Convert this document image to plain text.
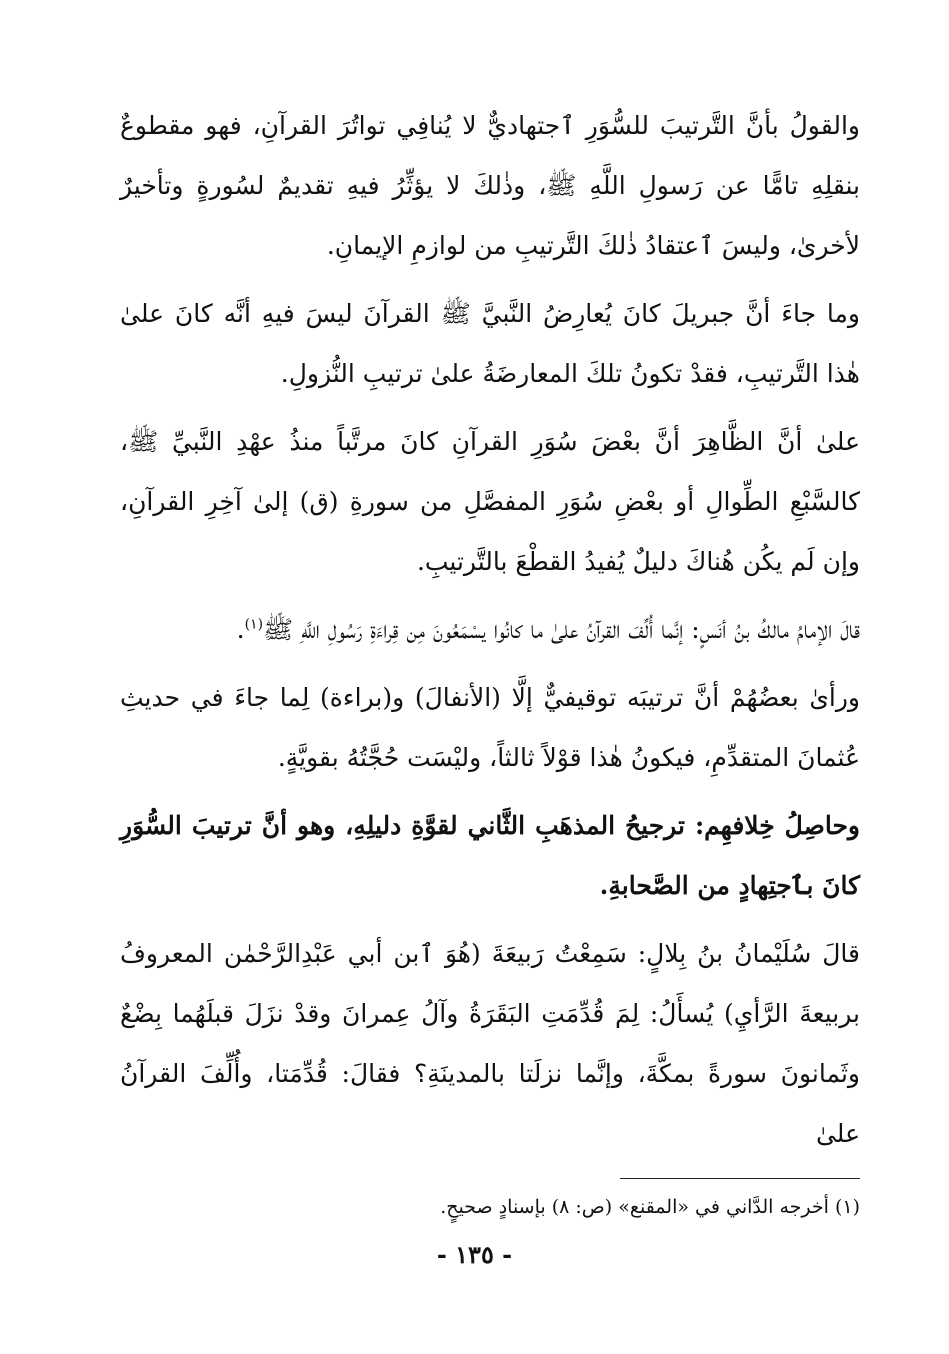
والقولُ بأنَّ التَّرتيبَ للسُّوَرِ ٱجتهاديٌّ لا يُنافِي تواتُرَ القرآنِ، فهو مقطوعٌ بنقلِهِ تامًّا عن رَسولِ اللَّهِ ﷺ، وذٰلكَ لا يؤثِّرُ فيهِ تقديمٌ لسُورةٍ وتأخيرٌ لأخرىٰ، وليسَ ٱعتقادُ ذٰلكَ التَّرتيبِ من لوازمِ الإيمانِ.

وما جاءَ أنَّ جبريلَ كانَ يُعارِضُ النَّبيَّ ﷺ القرآنَ ليسَ فيهِ أنَّه كانَ علىٰ هٰذا التَّرتيبِ، فقدْ تكونُ تلكَ المعارضَةُ علىٰ ترتيبِ النُّزولِ.

علىٰ أنَّ الظَّاهِرَ أنَّ بعْضَ سُوَرِ القرآنِ كانَ مرتَّباً منذُ عهْدِ النَّبيِّ ﷺ، كالسَّبْعِ الطِّوالِ أو بعْضِ سُوَرِ المفصَّلِ من سورةِ (ق) إلىٰ آخِرِ القرآنِ، وإن لَم يكُن هُناكَ دليلٌ يُفيدُ القطْعَ بالتَّرتيبِ.

قالَ الإمامُ مالكُ بنُ أنَسٍ: إنَّما أُلِّفَ القرآنُ علىٰ ما كانُوا يسْمَعُونَ مِن قِراءَةِ رَسُولِ اللَّهِ ﷺ$^{(١)}$.

ورأىٰ بعضُهُمْ أنَّ ترتيبَه توقيفيٌّ إلَّا (الأنفالَ) و(براءة) لِما جاءَ في حديثِ عُثمانَ المتقدِّمِ، فيكونُ هٰذا قوْلاً ثالثاً، وليْسَت حُجَّتُهُ بقويَّةٍ.

وحاصِلُ خِلافهِم: ترجيحُ المذهَبِ الثَّاني لقوَّةِ دليلِهِ، وهو أنَّ ترتيبَ السُّوَرِ كانَ بٱجتِهادٍ من الصَّحابةِ.

قالَ سُلَيْمانُ بنُ بِلالٍ: سَمِعْتُ رَبيعَةَ (هُوَ ٱبن أبي عَبْدِالرَّحْمٰن المعروفُ بربيعةَ الرَّأيِ) يُسأَلُ: لِمَ قُدِّمَتِ البَقَرَةُ وآلُ عِمرانَ وقدْ نزَلَ قبلَهُما بِضْعٌ وثَمانونَ سورةً بمكَّةَ، وإنَّما نزلَتا بالمدينَةِ؟ فقالَ: قُدِّمَتا، وأُلِّفَ القرآنُ علىٰ

(١) أخرجه الدَّاني في «المقنع» (ص: ٨) بإسنادٍ صحيحٍ.
- ١٣٥ -
